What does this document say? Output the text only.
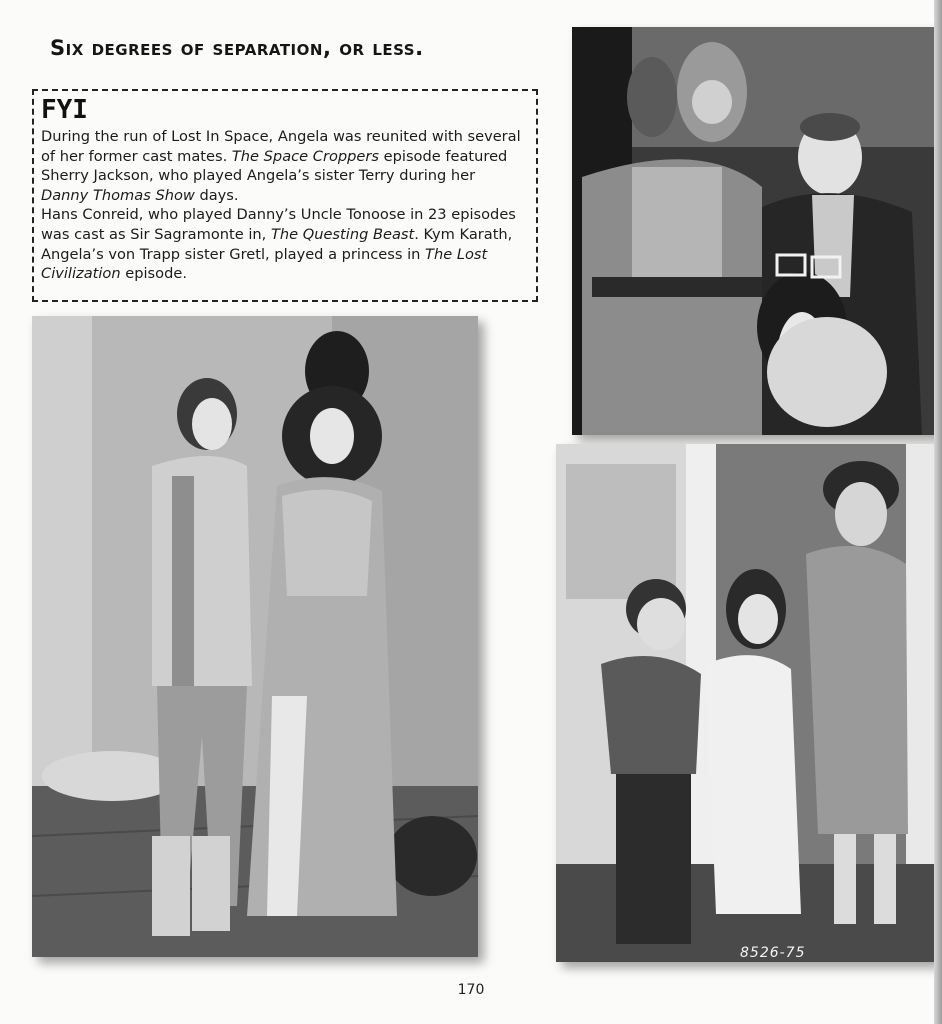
Six degrees of separation, or less.
FYI
During the run of Lost In Space, Angela was reunited with several of her former cast mates. The Space Croppers episode featured Sherry Jackson, who played Angela’s sister Terry during her Danny Thomas Show days.
Hans Conreid, who played Danny’s Uncle Tonoose in 23 episodes was cast as Sir Sagramonte in, The Questing Beast. Kym Karath, Angela’s von Trapp sister Gretl, played a princess in The Lost Civilization episode.
8526-75
170
